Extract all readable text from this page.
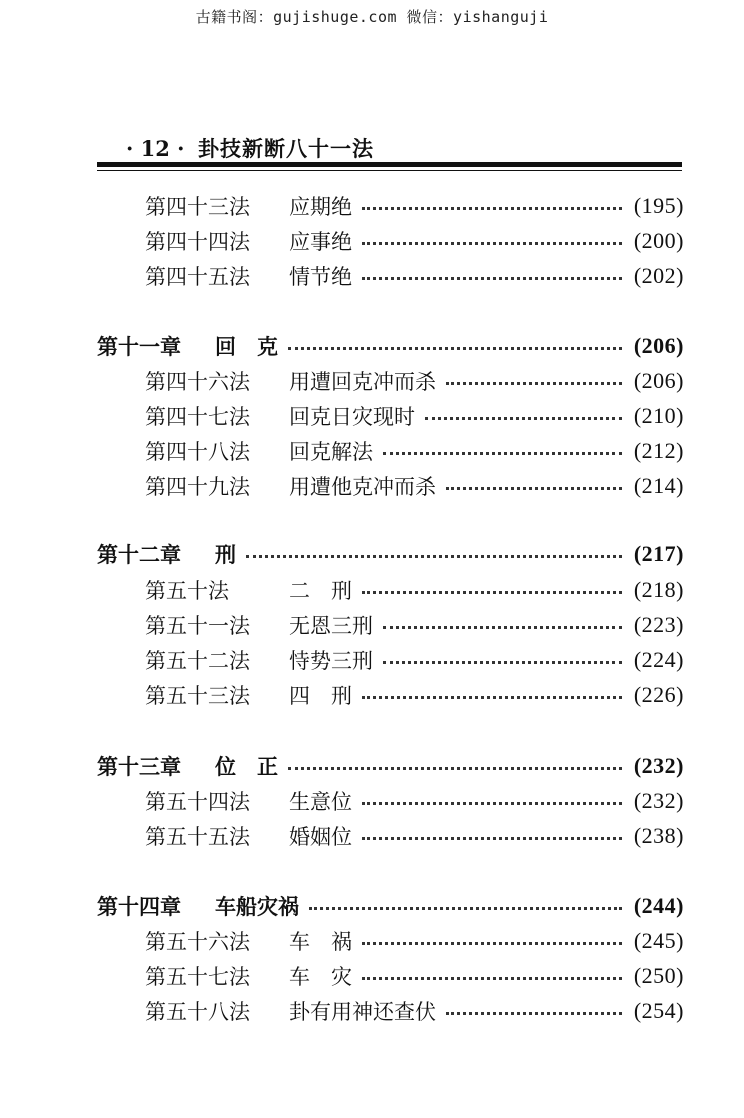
古籍书阁：gujishuge.com 微信：yishanguji
· 12 · 卦技新断八十一法
第四十三法	应期绝	(195)
第四十四法	应事绝	(200)
第四十五法	情节绝	(202)
第十一章	回　克	(206)
第四十六法	用遭回克冲而杀	(206)
第四十七法	回克日灾现时	(210)
第四十八法	回克解法	(212)
第四十九法	用遭他克冲而杀	(214)
第十二章	刑	(217)
第五十法	二　刑	(218)
第五十一法	无恩三刑	(223)
第五十二法	恃势三刑	(224)
第五十三法	四　刑	(226)
第十三章	位　正	(232)
第五十四法	生意位	(232)
第五十五法	婚姻位	(238)
第十四章	车船灾祸	(244)
第五十六法	车　祸	(245)
第五十七法	车　灾	(250)
第五十八法	卦有用神还查伏	(254)
